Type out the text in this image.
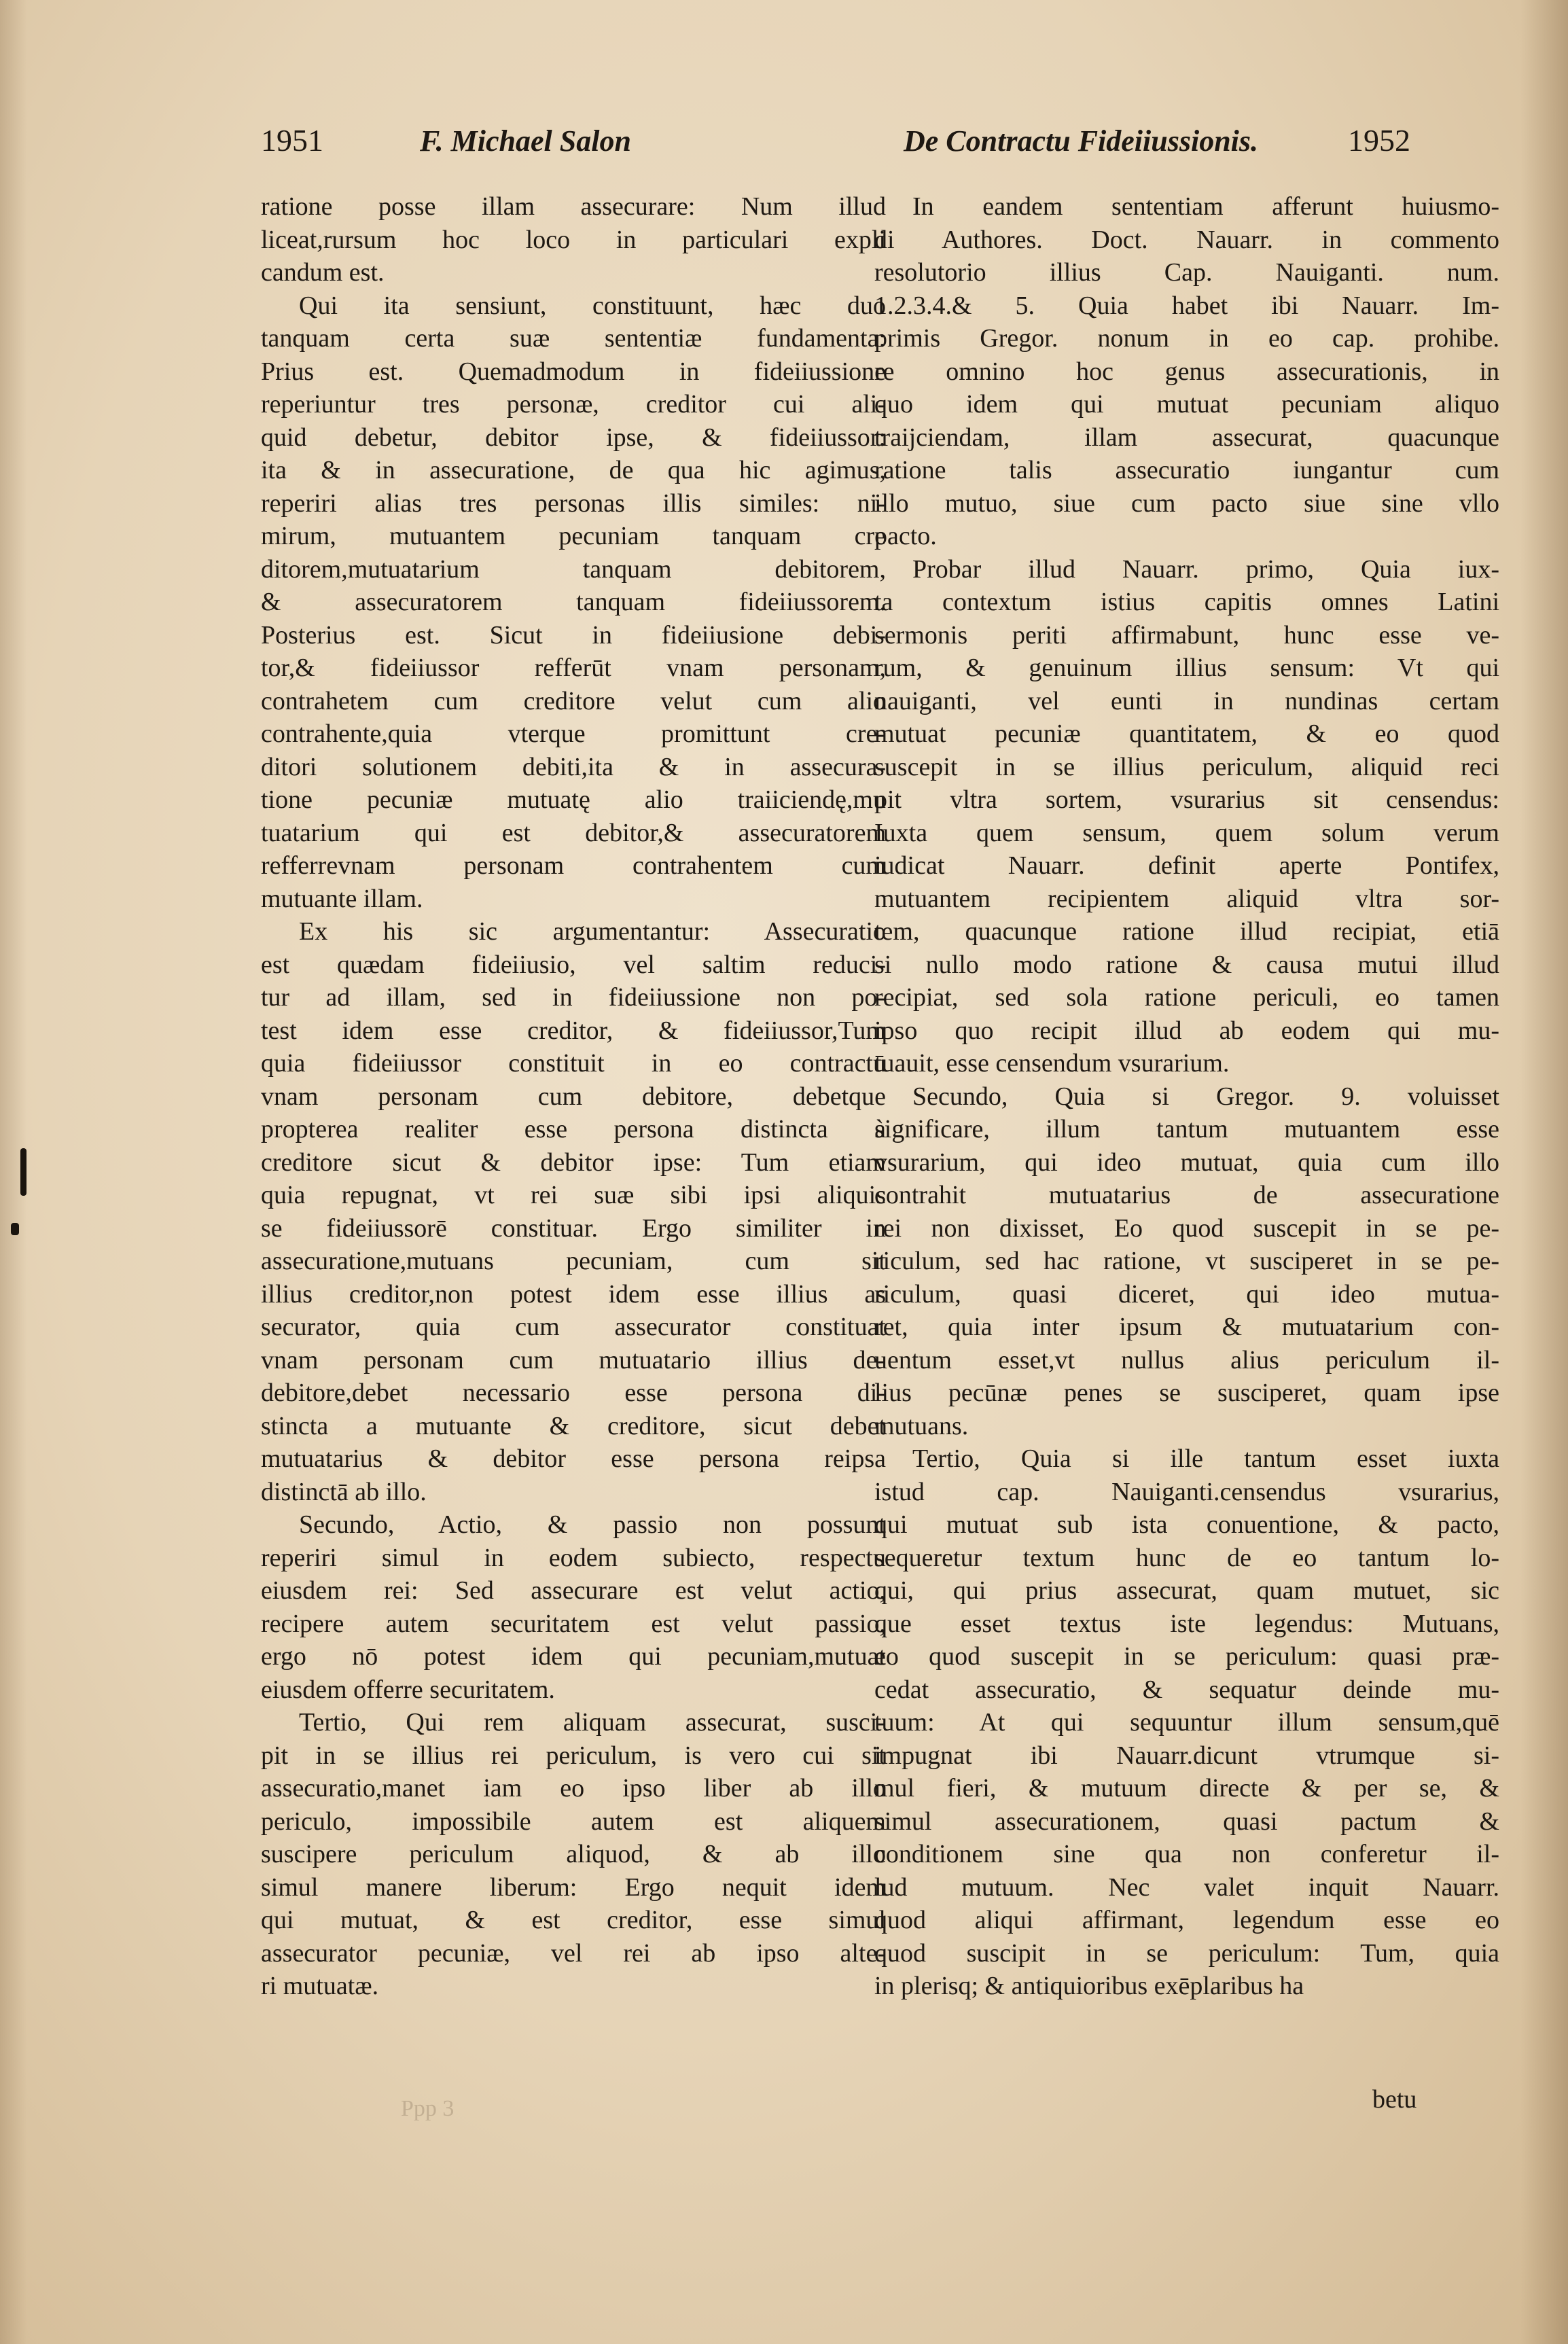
1951	F. Michael Salon	De Contractu Fideiiussionis.	1952
ratione posse illam assecurare: Num illud
liceat,rursum hoc loco in particulari expli
candum est.
Qui ita sensiunt, constituunt, hæc duo
tanquam certa suæ sententiæ fundamenta:
Prius est. Quemadmodum in fideiiussione
reperiuntur tres personæ, creditor cui ali-
quid debetur, debitor ipse, & fideiiussor:
ita & in assecuratione, de qua hic agimus,
reperiri alias tres personas illis similes: ni-
mirum, mutuantem pecuniam tanquam cre
ditorem,mutuatarium tanquam debitorem,
& assecuratorem tanquam fideiiussorem.
Posterius est. Sicut in fideiiusione debi-
tor,& fideiiussor refferūt vnam personam,
contrahetem cum creditore velut cum alio
contrahente,quia vterque promittunt cre-
ditori solutionem debiti,ita & in assecura-
tione pecuniæ mutuatę alio traiiciendę,mu
tuatarium qui est debitor,& assecuratorem
refferrevnam personam contrahentem cum
mutuante illam.
Ex his sic argumentantur: Assecuratio
est quædam fideiiusio, vel saltim reduci-
tur ad illam, sed in fideiiussione non po-
test idem esse creditor, & fideiiussor,Tum
quia fideiiussor constituit in eo contractū
vnam personam cum debitore, debetque
propterea realiter esse persona distincta à
creditore sicut & debitor ipse: Tum etiam
quia repugnat, vt rei suæ sibi ipsi aliquis
se fideiiussorē constituar. Ergo similiter in
assecuratione,mutuans pecuniam, cum sit
illius creditor,non potest idem esse illius as
securator, quia cum assecurator constituat
vnam personam cum mutuatario illius de-
debitore,debet necessario esse persona di-
stincta a mutuante & creditore, sicut debet
mutuatarius & debitor esse persona reipsa
distinctā ab illo.
Secundo, Actio, & passio non possunt
reperiri simul in eodem subiecto, respectu
eiusdem rei: Sed assecurare est velut actio,
recipere autem securitatem est velut passio,
ergo nō potest idem qui pecuniam,mutuat
eiusdem offerre securitatem.
Tertio, Qui rem aliquam assecurat, susci-
pit in se illius rei periculum, is vero cui sit
assecuratio,manet iam eo ipso liber ab illo
periculo, impossibile autem est aliquem
suscipere periculum aliquod, & ab illo
simul manere liberum: Ergo nequit idem
qui mutuat, & est creditor, esse simul
assecurator pecuniæ, vel rei ab ipso alte-
ri mutuatæ.
In eandem sententiam afferunt huiusmo-
di Authores. Doct. Nauarr. in commento
resolutorio illius Cap. Nauiganti. num.
1.2.3.4.& 5. Quia habet ibi Nauarr. Im-
primis Gregor. nonum in eo cap. prohibe.
re omnino hoc genus assecurationis, in
quo idem qui mutuat pecuniam aliquo
traijciendam, illam assecurat, quacunque
ratione talis assecuratio iungantur cum
illo mutuo, siue cum pacto siue sine vllo
pacto.
Probar illud Nauarr. primo, Quia iux-
ta contextum istius capitis omnes Latini
sermonis periti affirmabunt, hunc esse ve-
rum, & genuinum illius sensum: Vt qui
nauiganti, vel eunti in nundinas certam
mutuat pecuniæ quantitatem, & eo quod
suscepit in se illius periculum, aliquid reci
pit vltra sortem, vsurarius sit censendus:
Iuxta quem sensum, quem solum verum
iudicat Nauarr. definit aperte Pontifex,
mutuantem recipientem aliquid vltra sor-
tem, quacunque ratione illud recipiat, etiā
si nullo modo ratione & causa mutui illud
recipiat, sed sola ratione periculi, eo tamen
ipso quo recipit illud ab eodem qui mu-
tuauit, esse censendum vsurarium.
Secundo, Quia si Gregor. 9. voluisset
significare, illum tantum mutuantem esse
vsurarium, qui ideo mutuat, quia cum illo
contrahit mutuatarius de assecuratione
rei non dixisset, Eo quod suscepit in se pe-
riculum, sed hac ratione, vt susciperet in se pe-
riculum, quasi diceret, qui ideo mutua-
ret, quia inter ipsum & mutuatarium con-
uentum esset,vt nullus alius periculum il-
lius pecūnæ penes se susciperet, quam ipse
mutuans.
Tertio, Quia si ille tantum esset iuxta
istud cap. Nauiganti.censendus vsurarius,
qui mutuat sub ista conuentione, & pacto,
sequeretur textum hunc de eo tantum lo-
qui, qui prius assecurat, quam mutuet, sic
que esset textus iste legendus: Mutuans,
eo quod suscepit in se periculum: quasi præ-
cedat assecuratio, & sequatur deinde mu-
tuum: At qui sequuntur illum sensum,quē
impugnat ibi Nauarr.dicunt vtrumque si-
mul fieri, & mutuum directe & per se, &
simul assecurationem, quasi pactum &
conditionem sine qua non conferetur il-
lud mutuum. Nec valet inquit Nauarr.
quod aliqui affirmant, legendum esse eo
quod suscipit in se periculum: Tum, quia
in plerisq; & antiquioribus exēplaribus ha
betu
Ppp 3
